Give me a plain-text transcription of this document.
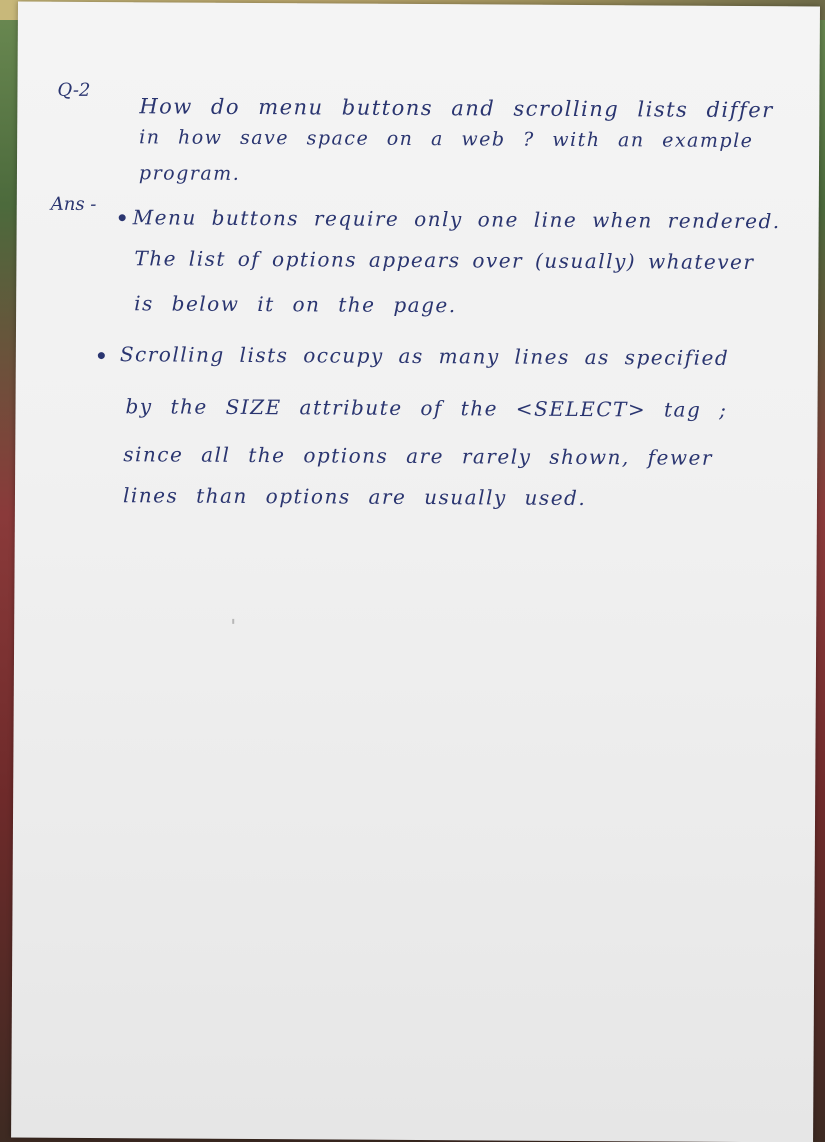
Q-2
How do menu buttons and scrolling lists differ
in how save space on a web ? with an example
program.
Ans -
Menu buttons require only one line when rendered.
The list of options appears over (usually) whatever
is below it on the page.
Scrolling lists occupy as many lines as specified
by the SIZE attribute of the <SELECT> tag ;
since all the options are rarely shown, fewer
lines than options are usually used.
